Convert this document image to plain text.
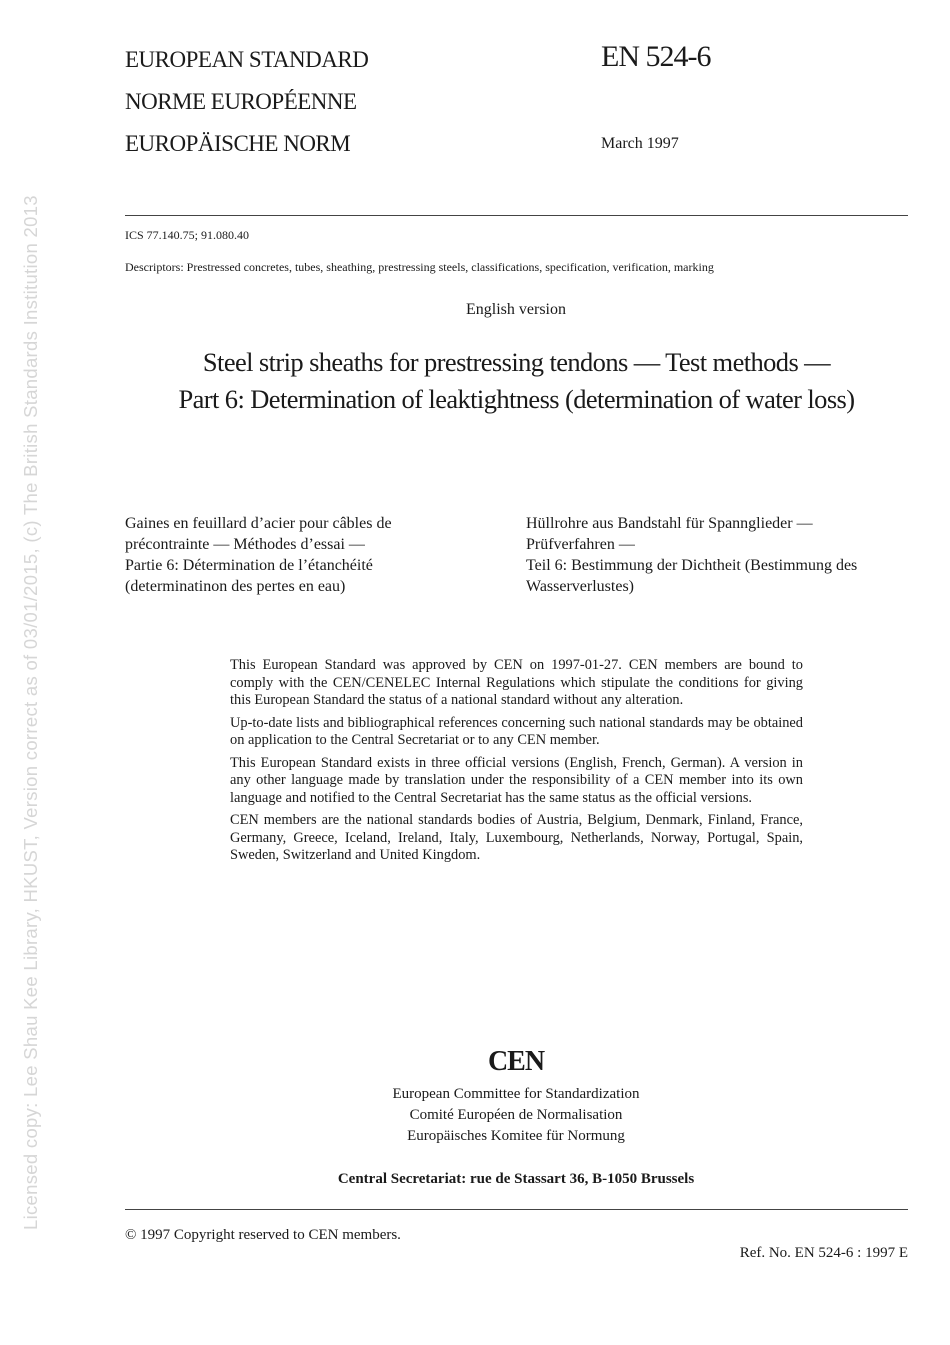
Licensed copy: Lee Shau Kee Library, HKUST, Version correct as of 03/01/2015, (c) The British Standards Institution 2013
EUROPEAN STANDARD
NORME EUROPÉENNE
EUROPÄISCHE NORM
EN 524-6
March 1997
ICS 77.140.75; 91.080.40
Descriptors: Prestressed concretes, tubes, sheathing, prestressing steels, classifications, specification, verification, marking
English version
Steel strip sheaths for prestressing tendons — Test methods —
Part 6: Determination of leaktightness (determination of water loss)
Gaines en feuillard d’acier pour câbles de
précontrainte — Méthodes d’essai —
Partie 6: Détermination de l’étanchéité
(determinatinon des pertes en eau)
Hüllrohre aus Bandstahl für Spannglieder —
Prüfverfahren —
Teil 6: Bestimmung der Dichtheit (Bestimmung des
Wasserverlustes)

This European Standard was approved by CEN on 1997-01-27. CEN members are bound to comply with the CEN/CENELEC Internal Regulations which stipulate the conditions for giving this European Standard the status of a national standard without any alteration.

Up-to-date lists and bibliographical references concerning such national standards may be obtained on application to the Central Secretariat or to any CEN member.

This European Standard exists in three official versions (English, French, German). A version in any other language made by translation under the responsibility of a CEN member into its own language and notified to the Central Secretariat has the same status as the official versions.

CEN members are the national standards bodies of Austria, Belgium, Denmark, Finland, France, Germany, Greece, Iceland, Ireland, Italy, Luxembourg, Netherlands, Norway, Portugal, Spain, Sweden, Switzerland and United Kingdom.

CEN
European Committee for Standardization
Comité Européen de Normalisation
Europäisches Komitee für Normung
Central Secretariat: rue de Stassart 36, B-1050 Brussels
© 1997 Copyright reserved to CEN members.
Ref. No. EN 524-6 : 1997 E
